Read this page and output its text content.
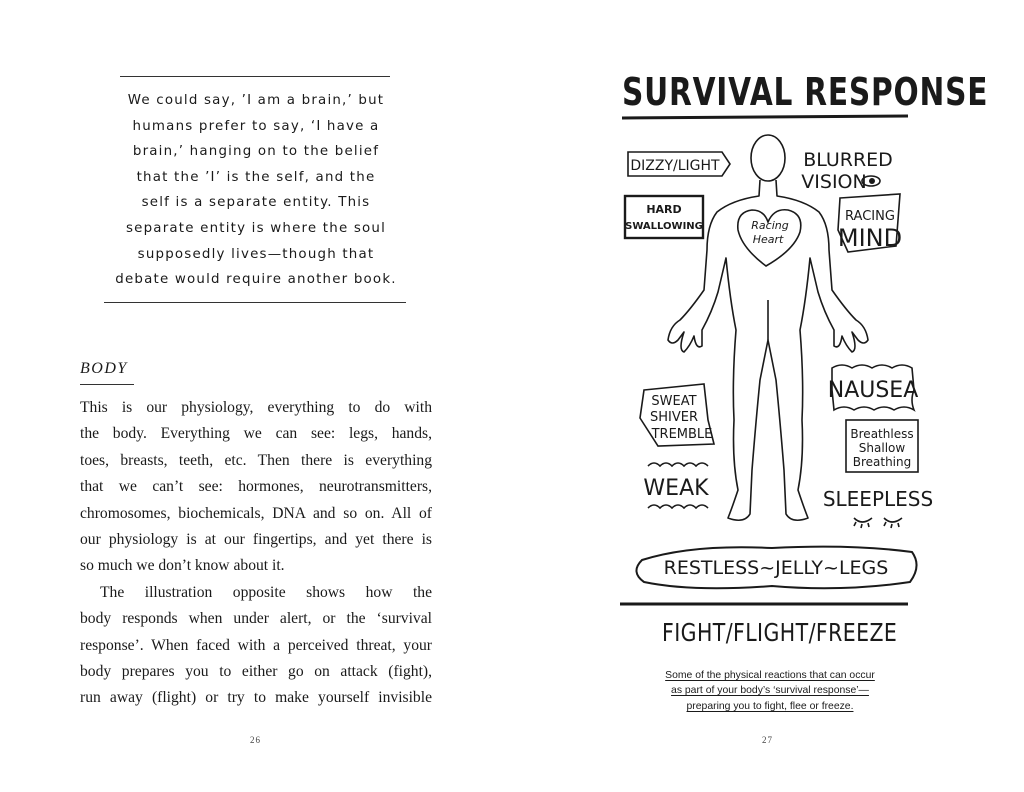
We could say, ’I am a brain,’ but
humans prefer to say, ‘I have a
brain,’ hanging on to the belief
that the ’I’ is the self, and the
self is a separate entity. This
separate entity is where the soul
supposedly lives—though that
debate would require another book.
BODY
This is our physiology, everything to do with
the body. Everything we can see: legs, hands,
toes, breasts, teeth, etc. Then there is everything
that we can’t see: hormones, neurotransmitters,
chromosomes, biochemicals, DNA and so on. All of
our physiology is at our fingertips, and yet there is
so much we don’t know about it.
The illustration opposite shows how the
body responds when under alert, or the ‘survival
response’. When faced with a perceived threat, your
body prepares you to either go on attack (fight),
run away (flight) or try to make yourself invisible
26
SURVIVAL RESPONSE
DIZZY/LIGHT	BLURRED
VISION
HARD
SWALLOWING	Racing
Heart
RACING
MIND
NAUSEA
SWEAT
SHIVER
TREMBLE	Breathless
Shallow
Breathing
WEAK	SLEEPLESS
RESTLESS~JELLY~LEGS
FIGHT/FLIGHT/FREEZE
Some of the physical reactions that can occur
as part of your body’s ‘survival response’—
preparing you to fight, flee or freeze.
27
